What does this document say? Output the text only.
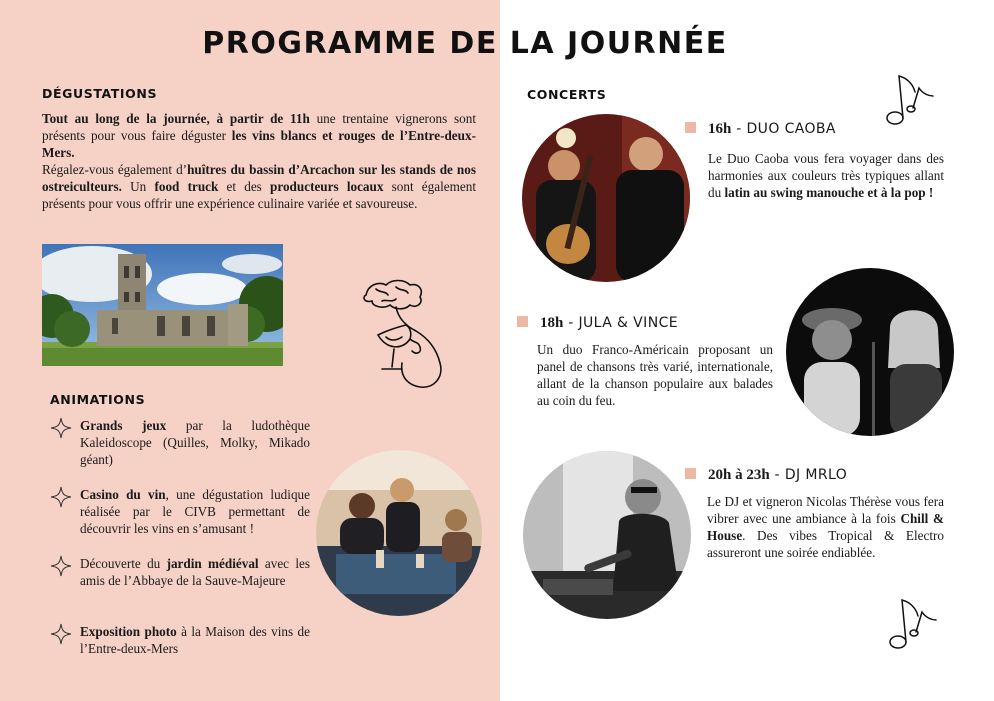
PROGRAMME DE LA JOURNÉE
DÉGUSTATIONS
Tout au long de la journée, à partir de 11h une trentaine vignerons sont présents pour vous faire déguster les vins blancs et rouges de l’Entre-deux-Mers.
Régalez-vous également d’huîtres du bassin d’Arcachon sur les stands de nos ostreiculteurs. Un food truck et des producteurs locaux sont également présents pour vous offrir une expérience culinaire variée et savoureuse.
ANIMATIONS
Grands jeux par la ludothèque Kaleidoscope (Quilles, Molky, Mikado géant)
Casino du vin, une dégustation ludique réalisée par le CIVB permettant de découvrir les vins en s’amusant !
Découverte du jardin médiéval avec les amis de l’Abbaye de la Sauve-Majeure
Exposition photo à la Maison des vins de l’Entre-deux-Mers
CONCERTS
16h - DUO CAOBA
Le Duo Caoba vous fera voyager dans des harmonies aux couleurs très typiques allant du latin au swing manouche et à la pop !
18h - JULA & VINCE
Un duo Franco-Américain proposant un panel de chansons très varié, internationale, allant de la chanson populaire aux balades au coin du feu.
20h à 23h - DJ MRLO
Le DJ et vigneron Nicolas Thérèse vous fera vibrer avec une ambiance à la fois Chill & House. Des vibes Tropical & Electro assureront une soirée endiablée.
